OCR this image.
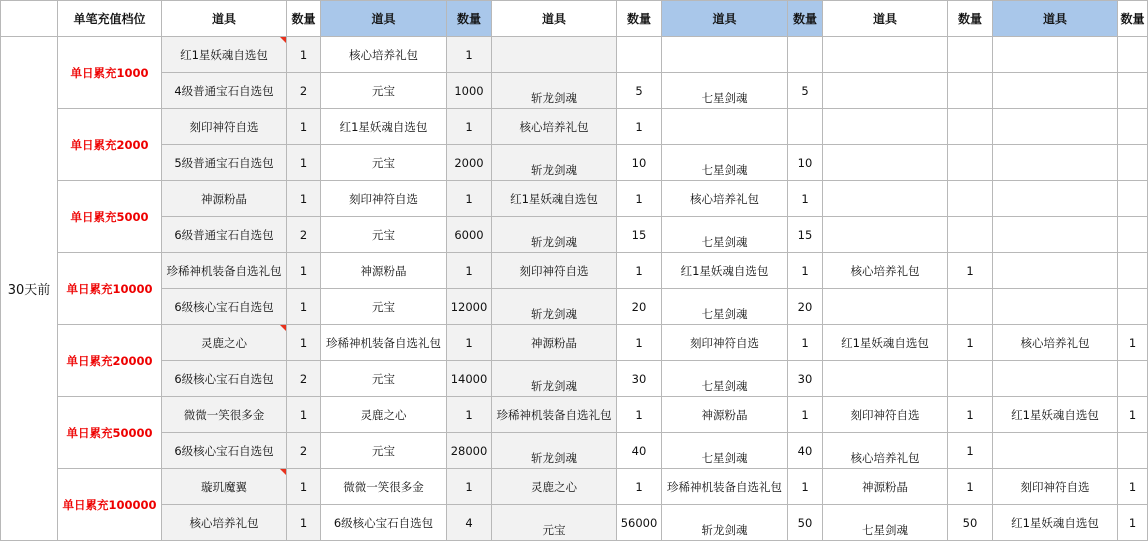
	单笔充值档位	道具	数量	道具	数量	道具	数量	道具	数量	道具	数量	道具	数量
30天前	单日累充1000	红1星妖魂自选包	1	核心培养礼包	1								
		4级普通宝石自选包	2	元宝	1000	斩龙剑魂	5	七星剑魂	5				
	单日累充2000	刻印神符自选	1	红1星妖魂自选包	1	核心培养礼包	1						
		5级普通宝石自选包	1	元宝	2000	斩龙剑魂	10	七星剑魂	10				
	单日累充5000	神源粉晶	1	刻印神符自选	1	红1星妖魂自选包	1	核心培养礼包	1				
		6级普通宝石自选包	2	元宝	6000	斩龙剑魂	15	七星剑魂	15				
	单日累充10000	珍稀神机装备自选礼包	1	神源粉晶	1	刻印神符自选	1	红1星妖魂自选包	1	核心培养礼包	1		
		6级核心宝石自选包	1	元宝	12000	斩龙剑魂	20	七星剑魂	20				
	单日累充20000	灵鹿之心	1	珍稀神机装备自选礼包	1	神源粉晶	1	刻印神符自选	1	红1星妖魂自选包	1	核心培养礼包	1
		6级核心宝石自选包	2	元宝	14000	斩龙剑魂	30	七星剑魂	30				
	单日累充50000	微微一笑很多金	1	灵鹿之心	1	珍稀神机装备自选礼包	1	神源粉晶	1	刻印神符自选	1	红1星妖魂自选包	1
		6级核心宝石自选包	2	元宝	28000	斩龙剑魂	40	七星剑魂	40	核心培养礼包	1		
	单日累充100000	璇玑魔翼	1	微微一笑很多金	1	灵鹿之心	1	珍稀神机装备自选礼包	1	神源粉晶	1	刻印神符自选	1
		核心培养礼包	1	6级核心宝石自选包	4	元宝	56000	斩龙剑魂	50	七星剑魂	50	红1星妖魂自选包	1
